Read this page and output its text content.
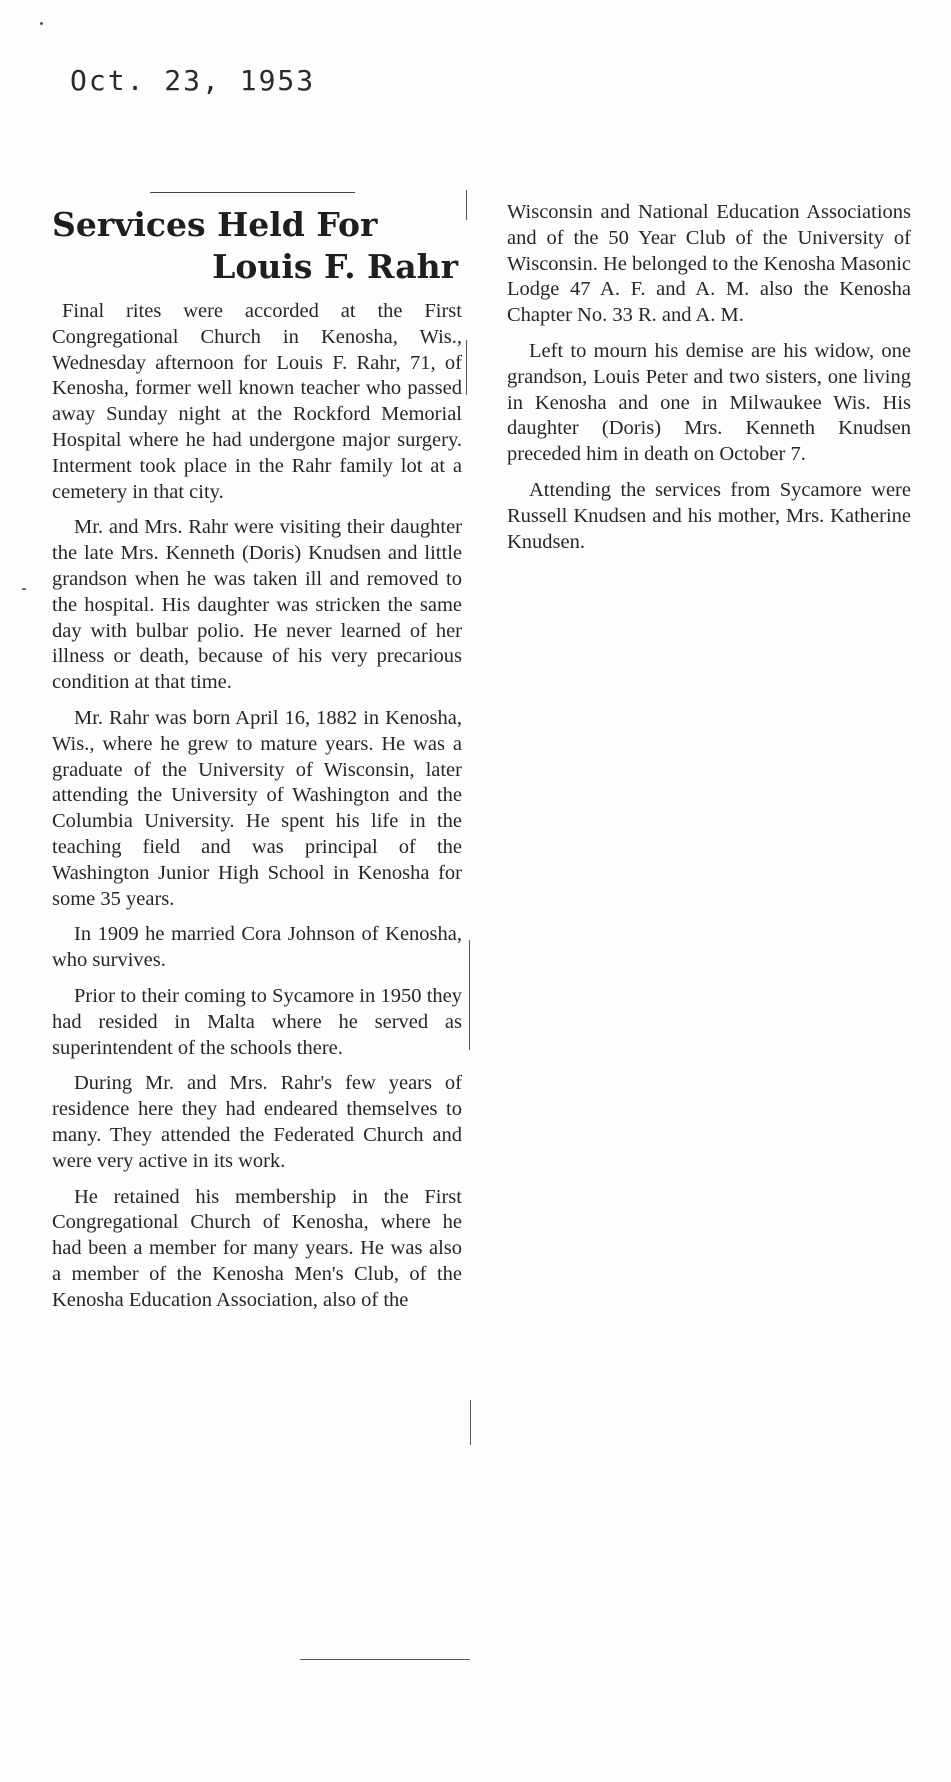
Oct. 23, 1953
Services Held For
Louis F. Rahr

Final rites were accorded at the First Congregational Church in Kenosha, Wis., Wednesday afternoon for Louis F. Rahr, 71, of Kenosha, former well known teacher who passed away Sunday night at the Rockford Memorial Hospital where he had undergone major surgery. Interment took place in the Rahr family lot at a cemetery in that city.

Mr. and Mrs. Rahr were visiting their daughter the late Mrs. Kenneth (Doris) Knudsen and little grandson when he was taken ill and removed to the hospital. His daughter was stricken the same day with bulbar polio. He never learned of her illness or death, because of his very precarious condition at that time.

Mr. Rahr was born April 16, 1882 in Kenosha, Wis., where he grew to mature years. He was a graduate of the University of Wisconsin, later attending the University of Washington and the Columbia University. He spent his life in the teaching field and was principal of the Washington Junior High School in Kenosha for some 35 years.

In 1909 he married Cora Johnson of Kenosha, who survives.

Prior to their coming to Sycamore in 1950 they had resided in Malta where he served as superintendent of the schools there.

During Mr. and Mrs. Rahr's few years of residence here they had endeared themselves to many. They attended the Federated Church and were very active in its work.

He retained his membership in the First Congregational Church of Kenosha, where he had been a member for many years. He was also a member of the Kenosha Men's Club, of the Kenosha Education Association, also of the

Wisconsin and National Education Associations and of the 50 Year Club of the University of Wisconsin. He belonged to the Kenosha Masonic Lodge 47 A. F. and A. M. also the Kenosha Chapter No. 33 R. and A. M.

Left to mourn his demise are his widow, one grandson, Louis Peter and two sisters, one living in Kenosha and one in Milwaukee Wis. His daughter (Doris) Mrs. Kenneth Knudsen preceded him in death on October 7.

Attending the services from Sycamore were Russell Knudsen and his mother, Mrs. Katherine Knudsen.
